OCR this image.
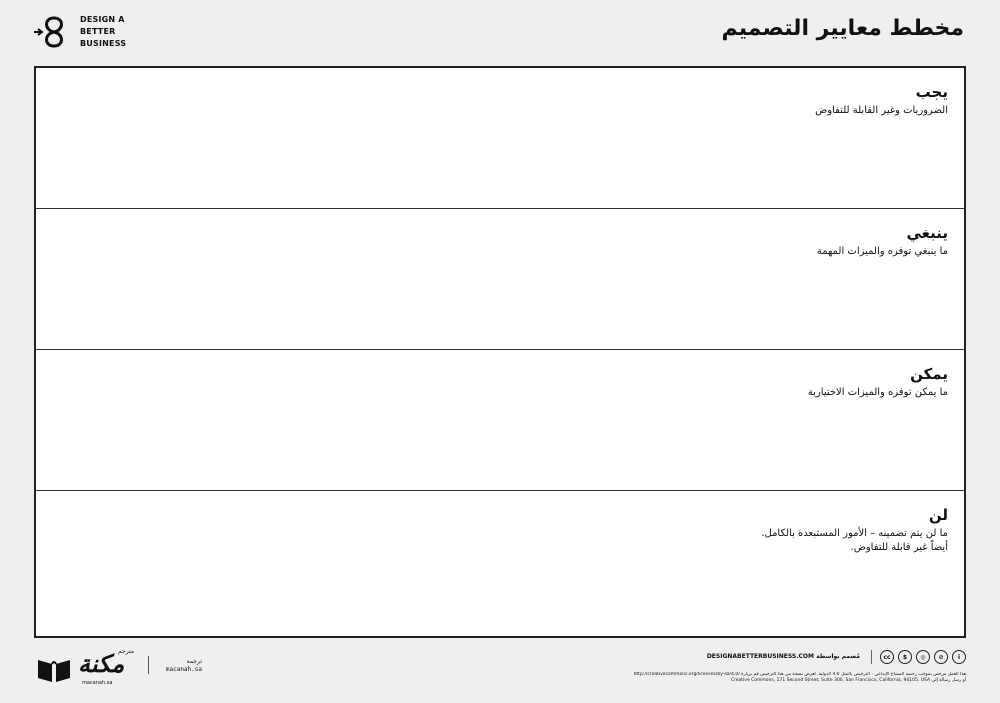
DESIGN A
BETTER
BUSINESS
مخطط معايير التصميم
يجب
الضروريات وغير القابلة للتفاوض
ينبغي
ما ينبغي توفره والميزات المهمة
يمكن
ما يمكن توفره والميزات الاختيارية
لن
ما لن يتم تضمينه – الأمور المستبعدة بالكامل.
أيضاً غير قابلة للتفاوض.
مكنة
مترجم
macanah.sa
ترجمة
macanah.sa
DESIGNABETTERBUSINESS.COM مُصمم بواسطة	cc	$	◎	⊘	i
http://creativecommons.org/licenses/by-sa/4.0/ هذا العمل مرخص بموجب رخصة المشاع الإبداعي - الترخيص بالمثل 4.0 الدولية. لعرض نسخة من هذا الترخيص قم بزيارة
Creative Commons, 171 Second Street, Suite 300, San Francisco, California, 94105, USA أو رسل رسالة إلى
